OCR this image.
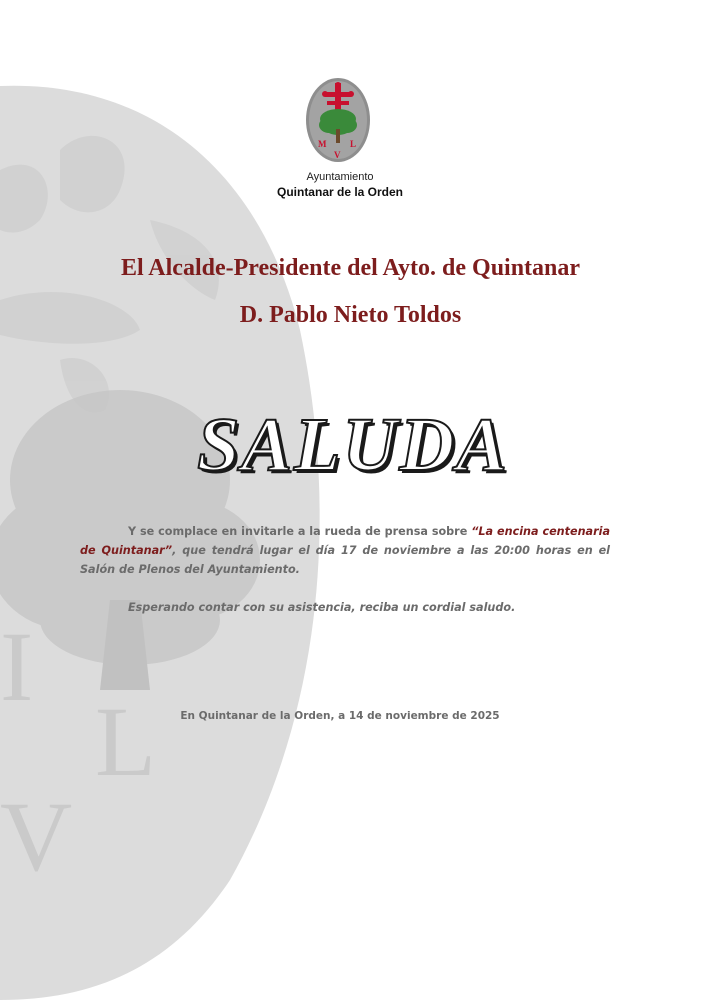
L
V
I
M	L
V
Ayuntamiento
Quintanar de la Orden
El Alcalde-Presidente del Ayto. de Quintanar
D. Pablo Nieto Toldos
SALUDA
Y se complace en invitarle a la rueda de prensa sobre “La encina centenaria de Quintanar”, que tendrá lugar el día 17 de noviembre a las 20:00 horas en el Salón de Plenos del Ayuntamiento.
Esperando contar con su asistencia, reciba un cordial saludo.
En Quintanar de la Orden, a 14 de noviembre de 2025
